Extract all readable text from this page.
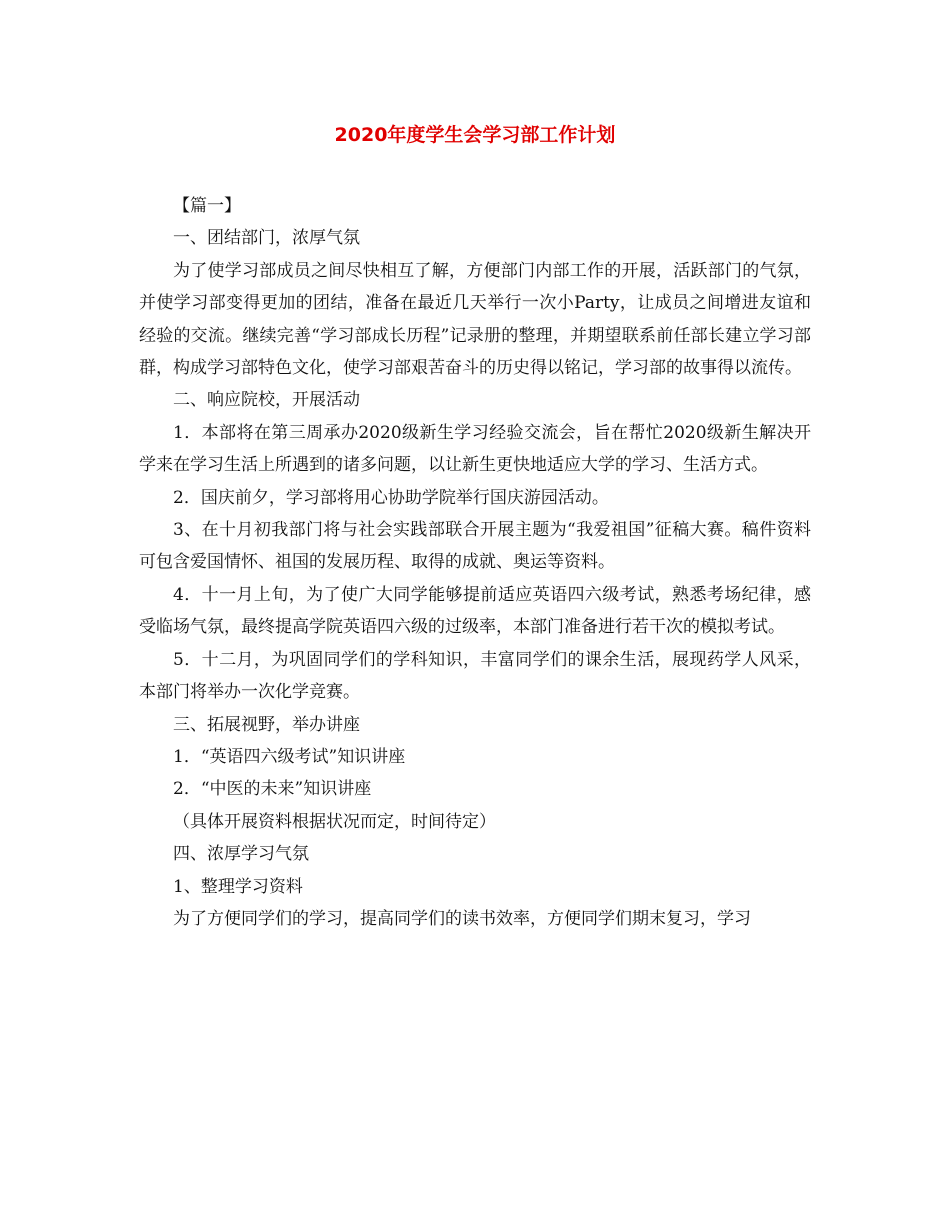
2020年度学生会学习部工作计划

【篇一】

一、团结部门，浓厚气氛

为了使学习部成员之间尽快相互了解，方便部门内部工作的开展，活跃部门的气氛，并使学习部变得更加的团结，准备在最近几天举行一次小Party，让成员之间增进友谊和经验的交流。继续完善“学习部成长历程”记录册的整理，并期望联系前任部长建立学习部群，构成学习部特色文化，使学习部艰苦奋斗的历史得以铭记，学习部的故事得以流传。

二、响应院校，开展活动

1．本部将在第三周承办2020级新生学习经验交流会，旨在帮忙2020级新生解决开学来在学习生活上所遇到的诸多问题，以让新生更快地适应大学的学习、生活方式。

2．国庆前夕，学习部将用心协助学院举行国庆游园活动。

3、在十月初我部门将与社会实践部联合开展主题为“我爱祖国”征稿大赛。稿件资料可包含爱国情怀、祖国的发展历程、取得的成就、奥运等资料。

4．十一月上旬，为了使广大同学能够提前适应英语四六级考试，熟悉考场纪律，感受临场气氛，最终提高学院英语四六级的过级率，本部门准备进行若干次的模拟考试。

5．十二月，为巩固同学们的学科知识，丰富同学们的课余生活，展现药学人风采，本部门将举办一次化学竞赛。

三、拓展视野，举办讲座

1．“英语四六级考试”知识讲座

2．“中医的未来”知识讲座

（具体开展资料根据状况而定，时间待定）

四、浓厚学习气氛

1、整理学习资料

为了方便同学们的学习，提高同学们的读书效率，方便同学们期末复习，学习
